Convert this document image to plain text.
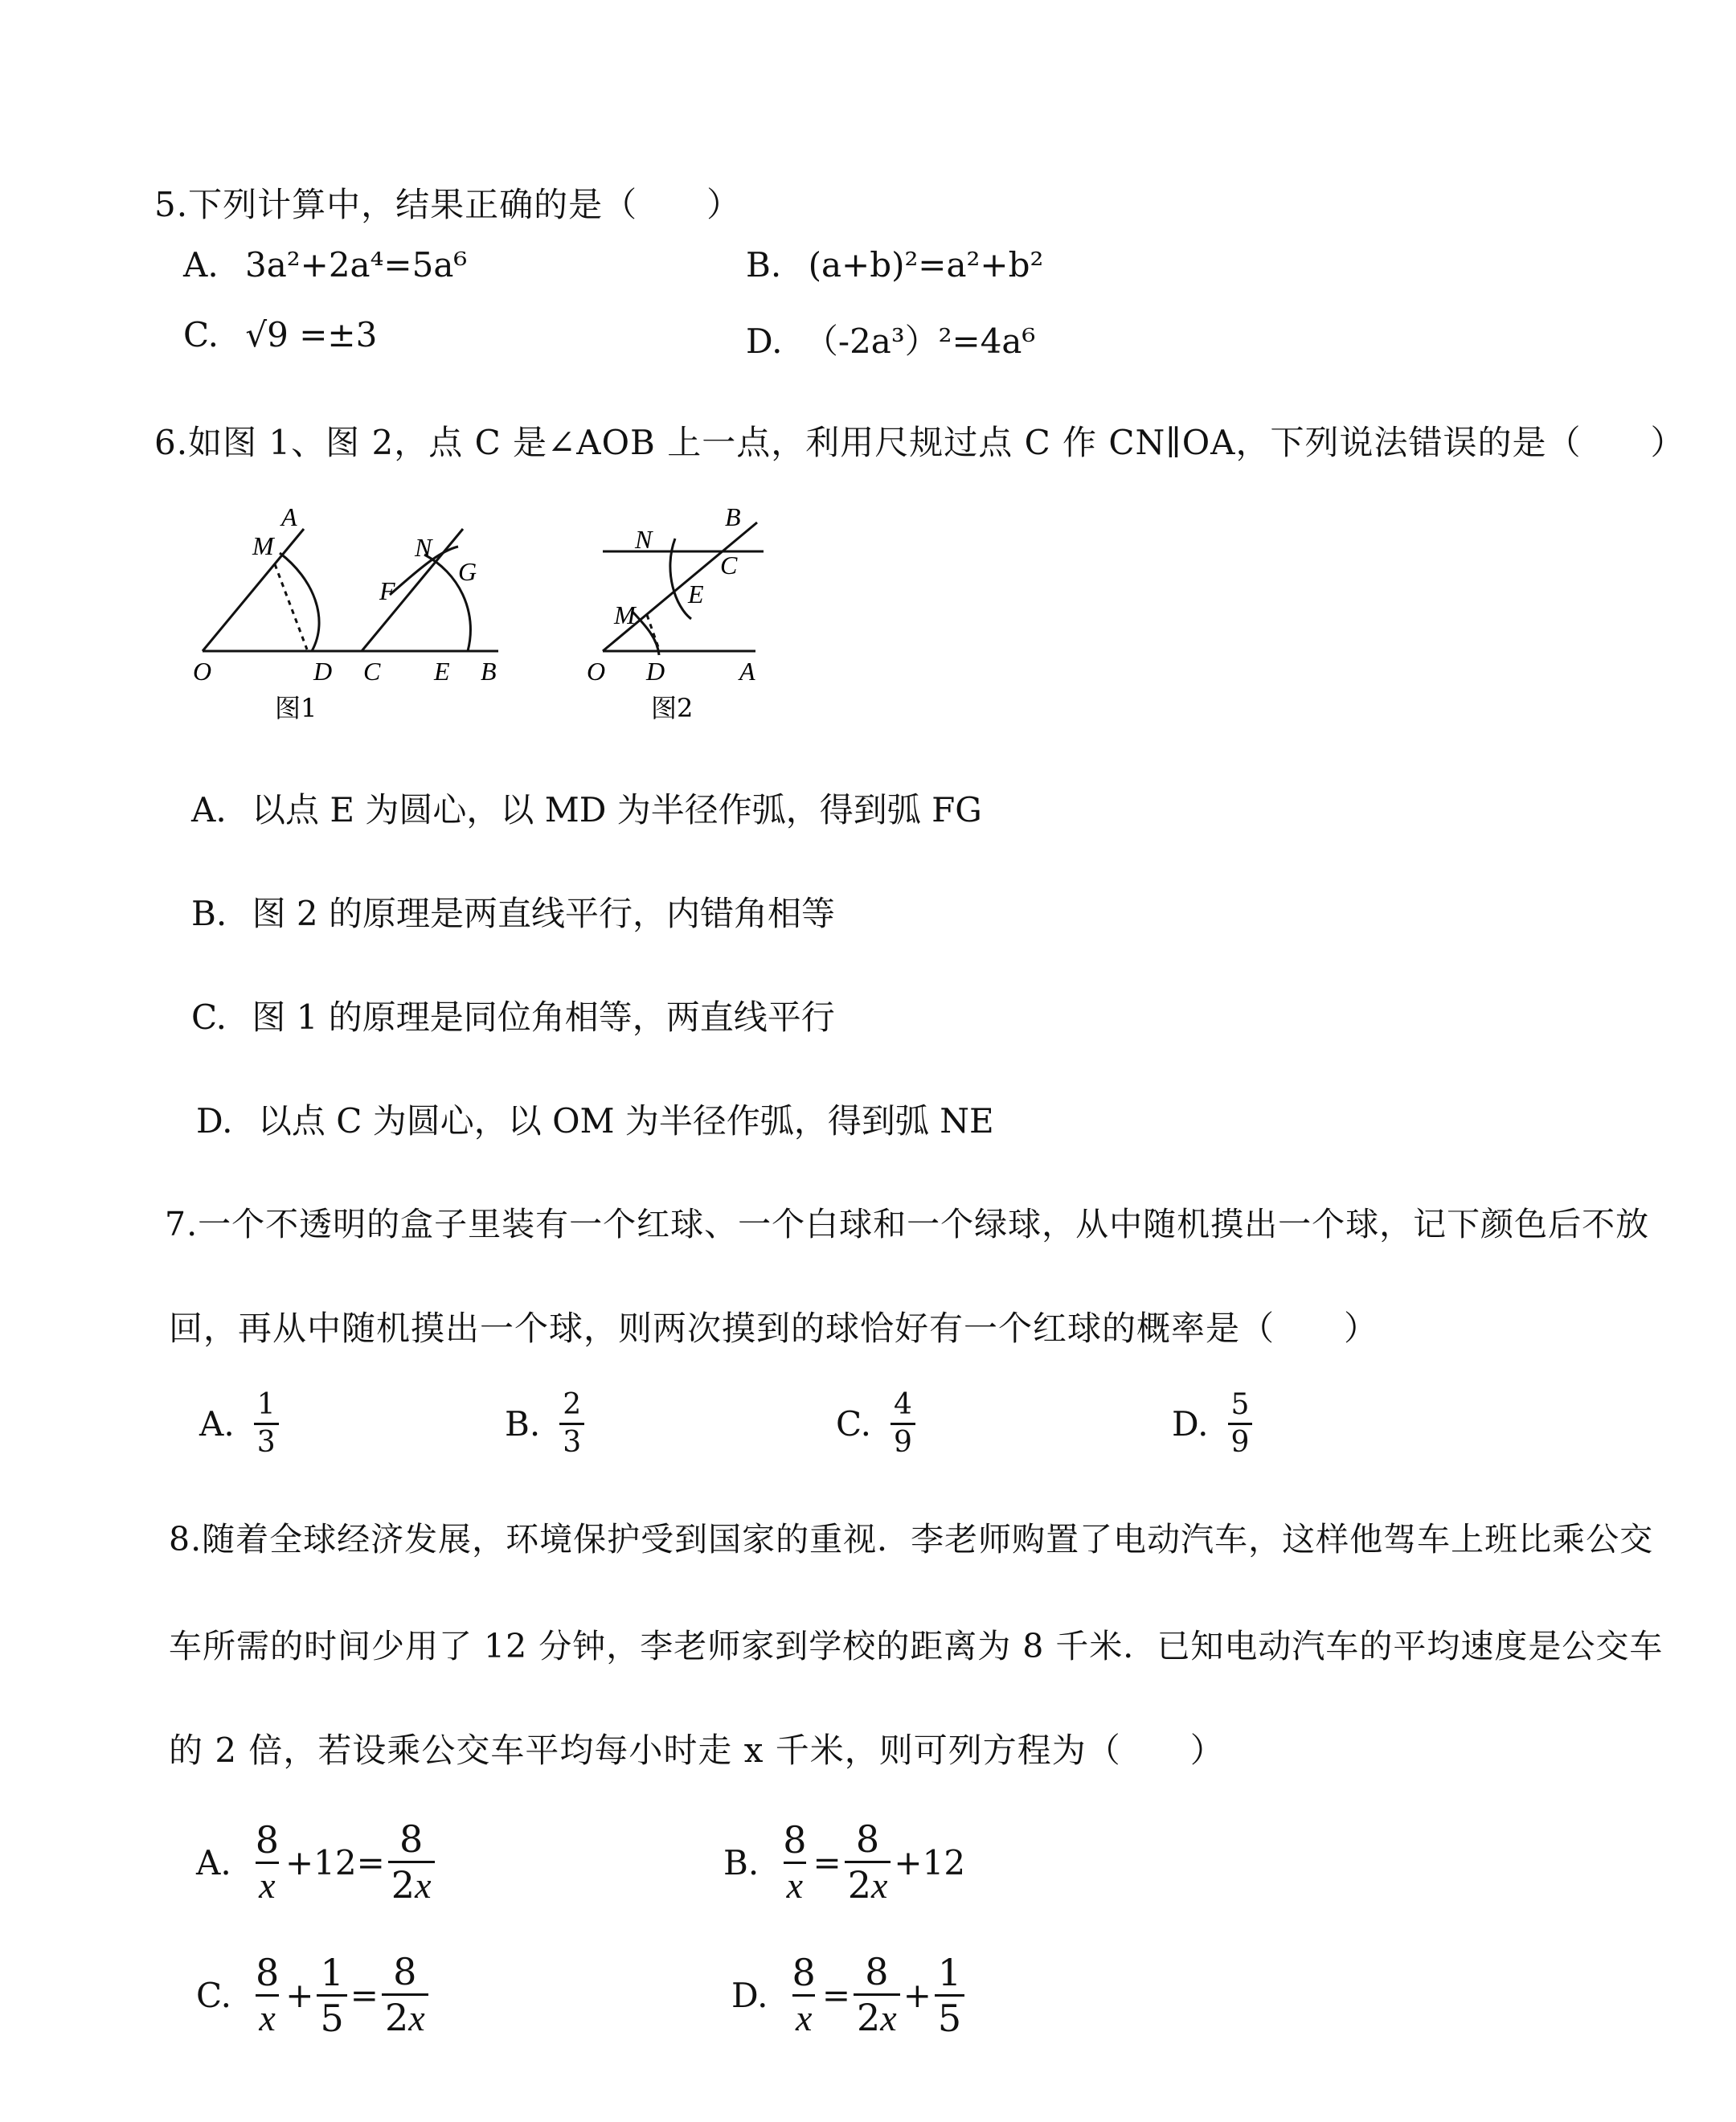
5.下列计算中，结果正确的是（　　）
A. 3a²+2a⁴=5a⁶	B. (a+b)²=a²+b²
C. √9 =±3	D. （-2a³）²=4a⁶
6.如图 1、图 2，点 C 是∠AOB 上一点，利用尺规过点 C 作 CN∥OA，下列说法错误的是（　　）
A
M	N
G
F
O	D C E B
图1
B
N
C
E
M
O D	A
图2
A. 以点 E 为圆心，以 MD 为半径作弧，得到弧 FG
B. 图 2 的原理是两直线平行，内错角相等
C. 图 1 的原理是同位角相等，两直线平行
D. 以点 C 为圆心，以 OM 为半径作弧，得到弧 NE
7.一个不透明的盒子里装有一个红球、一个白球和一个绿球，从中随机摸出一个球，记下颜色后不放
回，再从中随机摸出一个球，则两次摸到的球恰好有一个红球的概率是（　　）
A. $\frac{1}{3}$	B. $\frac{2}{3}$	C. $\frac{4}{9}$	D. $\frac{5}{9}$
8.随着全球经济发展，环境保护受到国家的重视．李老师购置了电动汽车，这样他驾车上班比乘公交
车所需的时间少用了 12 分钟，李老师家到学校的距离为 8 千米．已知电动汽车的平均速度是公交车
的 2 倍，若设乘公交车平均每小时走 x 千米，则可列方程为（　　）
A. $\frac{8}{x} +12= \frac{8}{2x}$	B. $\frac{8}{x} = \frac{8}{2x} +12$
C. $\frac{8}{x} + \frac{1}{5} = \frac{8}{2x}$	D. $\frac{8}{x} = \frac{8}{2x} + \frac{1}{5}$
